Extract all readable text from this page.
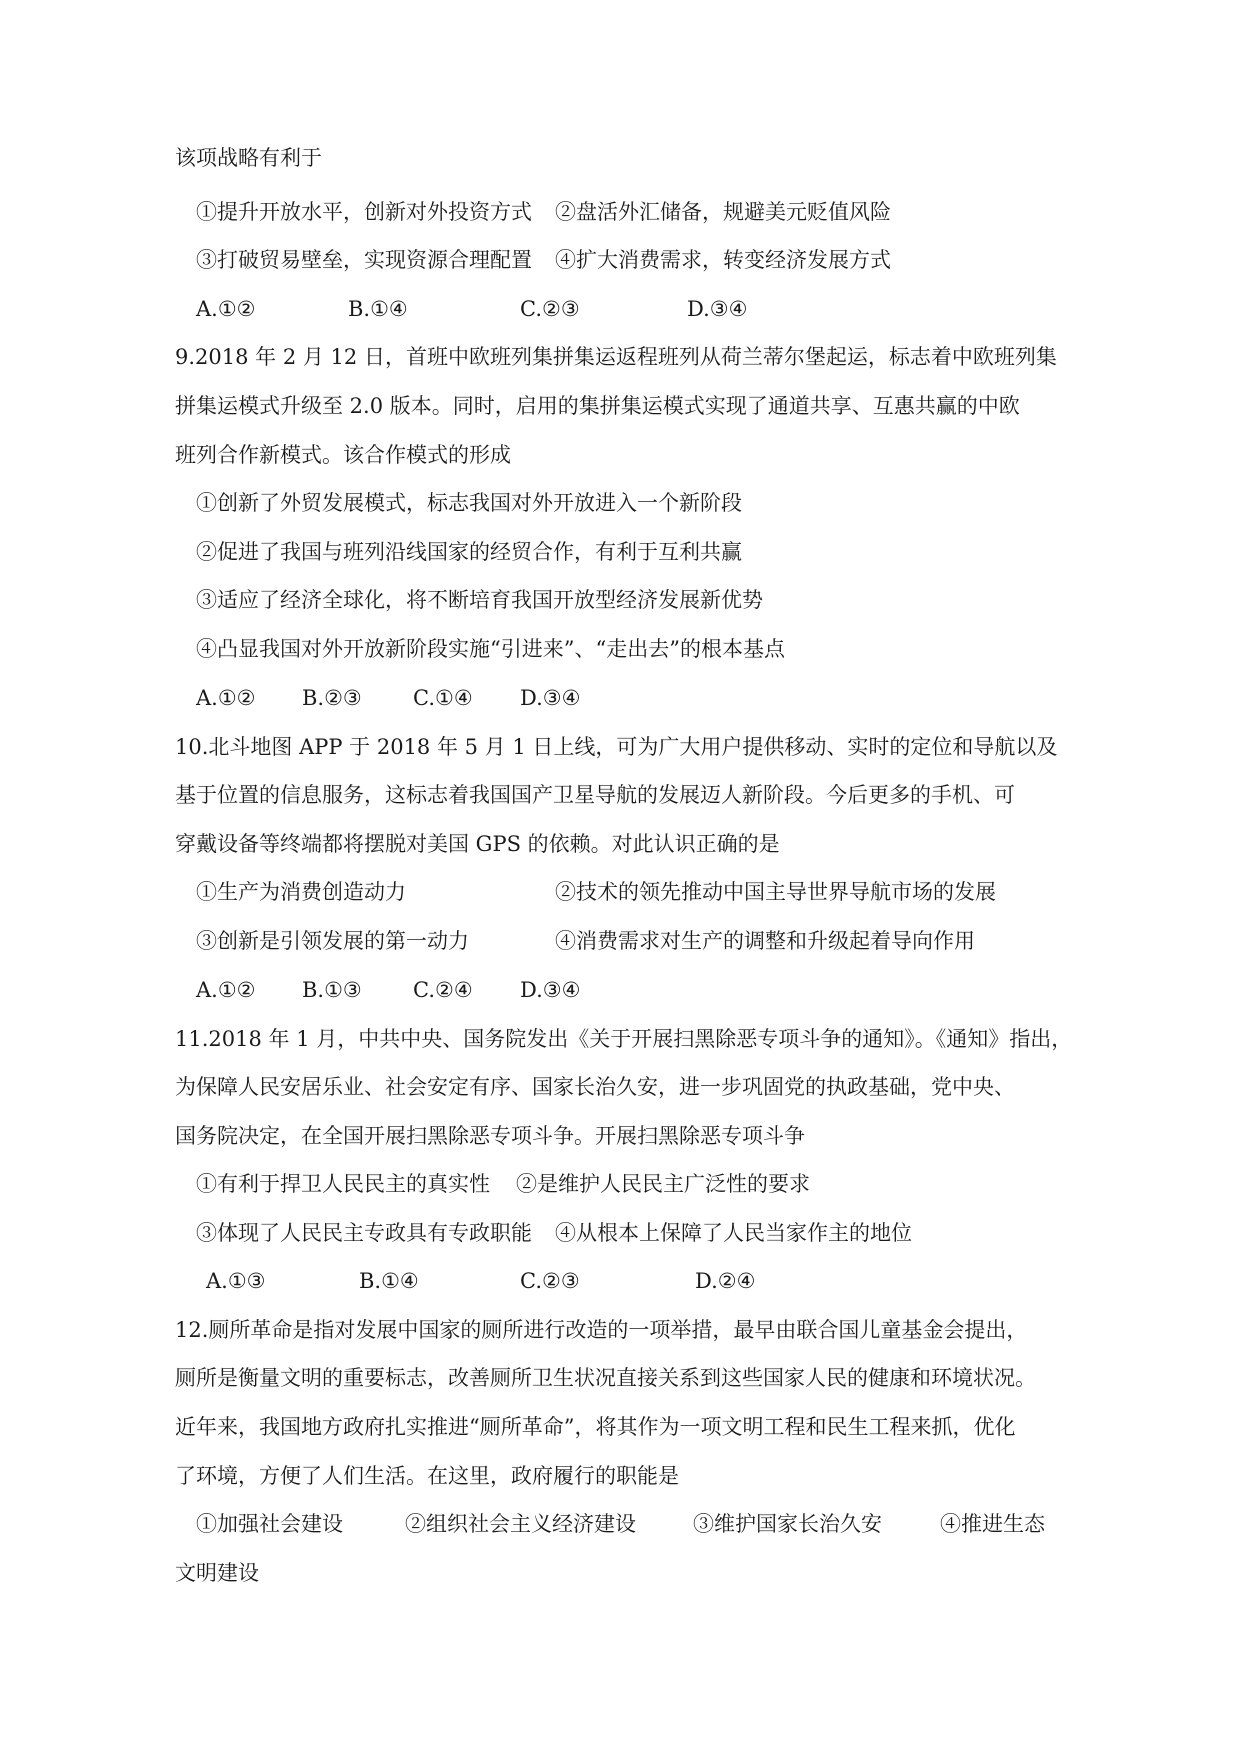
该项战略有利于
①提升开放水平，创新对外投资方式 ②盘活外汇储备，规避美元贬值风险
③打破贸易壁垒，实现资源合理配置 ④扩大消费需求，转变经济发展方式
A.①②	B.①④	C.②③	D.③④
9.2018 年 2 月 12 日，首班中欧班列集拼集运返程班列从荷兰蒂尔堡起运，标志着中欧班列集
拼集运模式升级至 2.0 版本。同时，启用的集拼集运模式实现了通道共享、互惠共赢的中欧
班列合作新模式。该合作模式的形成
①创新了外贸发展模式，标志我国对外开放进入一个新阶段
②促进了我国与班列沿线国家的经贸合作，有利于互利共赢
③适应了经济全球化，将不断培育我国开放型经济发展新优势
④凸显我国对外开放新阶段实施“引进来”、“走出去”的根本基点
A.①② B.②③ C.①④ D.③④
10.北斗地图 APP 于 2018 年 5 月 1 日上线，可为广大用户提供移动、实时的定位和导航以及
基于位置的信息服务，这标志着我国国产卫星导航的发展迈人新阶段。今后更多的手机、可
穿戴设备等终端都将摆脱对美国 GPS 的依赖。对此认识正确的是
①生产为消费创造动力	②技术的领先推动中国主导世界导航市场的发展
③创新是引领发展的第一动力	④消费需求对生产的调整和升级起着导向作用
A.①② B.①③ C.②④ D.③④
11.2018 年 1 月，中共中央、国务院发出《关于开展扫黑除恶专项斗争的通知》。《通知》指出，
为保障人民安居乐业、社会安定有序、国家长治久安，进一步巩固党的执政基础，党中央、
国务院决定，在全国开展扫黑除恶专项斗争。开展扫黑除恶专项斗争
①有利于捍卫人民民主的真实性 ②是维护人民民主广泛性的要求
③体现了人民民主专政具有专政职能 ④从根本上保障了人民当家作主的地位
A.①③	B.①④	C.②③	D.②④
12.厕所革命是指对发展中国家的厕所进行改造的一项举措，最早由联合国儿童基金会提出，
厕所是衡量文明的重要标志，改善厕所卫生状况直接关系到这些国家人民的健康和环境状况。
近年来，我国地方政府扎实推进“厕所革命”，将其作为一项文明工程和民生工程来抓，优化
了环境，方便了人们生活。在这里，政府履行的职能是
①加强社会建设	②组织社会主义经济建设	③维护国家长治久安	④推进生态
文明建设
